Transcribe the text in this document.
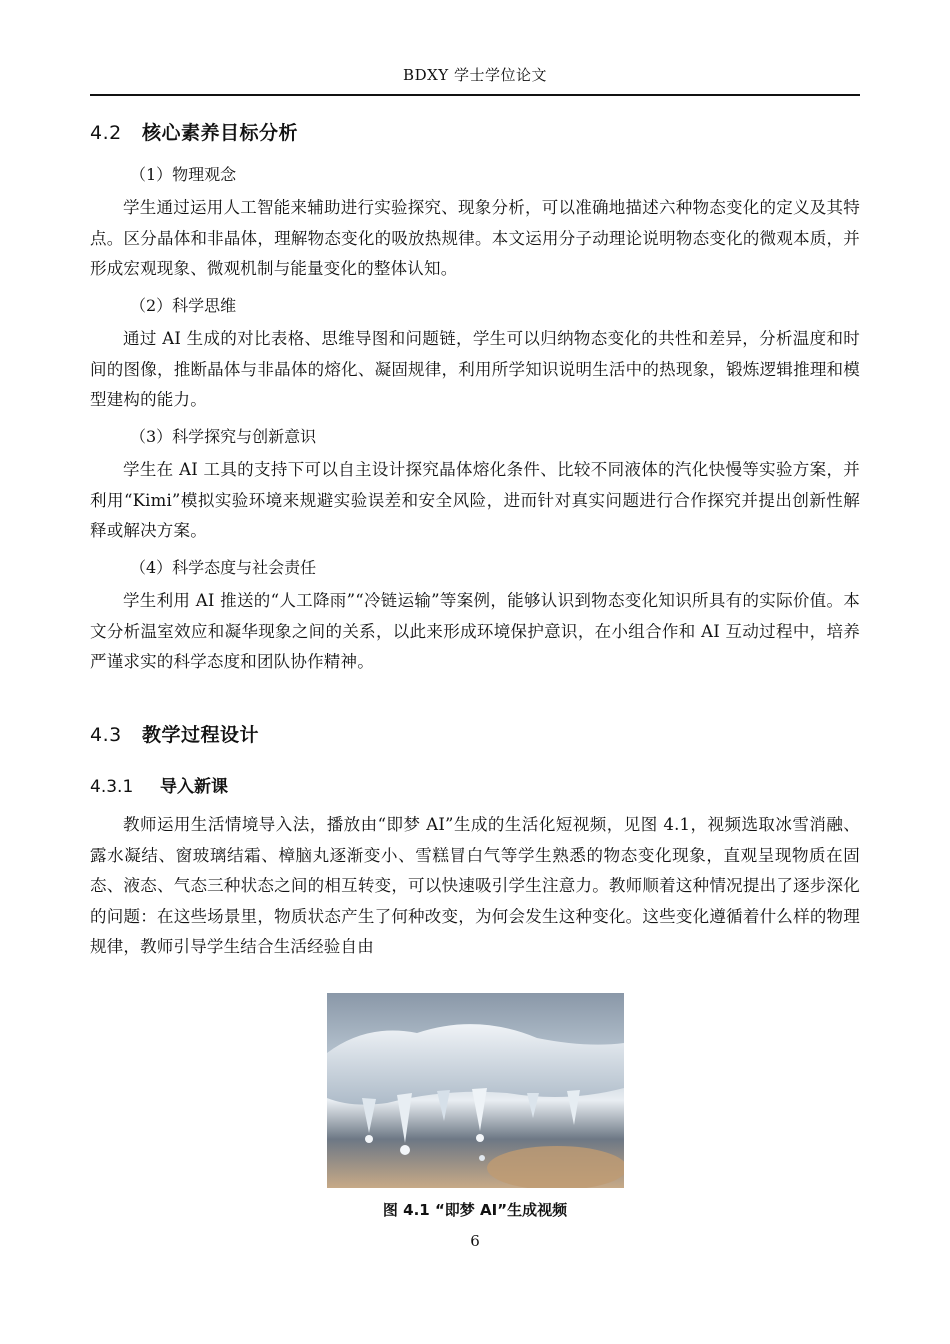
BDXY 学士学位论文
4.2 核心素养目标分析
（1）物理观念
学生通过运用人工智能来辅助进行实验探究、现象分析，可以准确地描述六种物态变化的定义及其特点。区分晶体和非晶体，理解物态变化的吸放热规律。本文运用分子动理论说明物态变化的微观本质，并形成宏观现象、微观机制与能量变化的整体认知。
（2）科学思维
通过 AI 生成的对比表格、思维导图和问题链，学生可以归纳物态变化的共性和差异，分析温度和时间的图像，推断晶体与非晶体的熔化、凝固规律，利用所学知识说明生活中的热现象，锻炼逻辑推理和模型建构的能力。
（3）科学探究与创新意识
学生在 AI 工具的支持下可以自主设计探究晶体熔化条件、比较不同液体的汽化快慢等实验方案，并利用“Kimi”模拟实验环境来规避实验误差和安全风险，进而针对真实问题进行合作探究并提出创新性解释或解决方案。
（4）科学态度与社会责任
学生利用 AI 推送的“人工降雨”“冷链运输”等案例，能够认识到物态变化知识所具有的实际价值。本文分析温室效应和凝华现象之间的关系，以此来形成环境保护意识，在小组合作和 AI 互动过程中，培养严谨求实的科学态度和团队协作精神。
4.3 教学过程设计
4.3.1 导入新课
教师运用生活情境导入法，播放由“即梦 AI”生成的生活化短视频，见图 4.1，视频选取冰雪消融、露水凝结、窗玻璃结霜、樟脑丸逐渐变小、雪糕冒白气等学生熟悉的物态变化现象，直观呈现物质在固态、液态、气态三种状态之间的相互转变，可以快速吸引学生注意力。教师顺着这种情况提出了逐步深化的问题：在这些场景里，物质状态产生了何种改变，为何会发生这种变化。这些变化遵循着什么样的物理规律，教师引导学生结合生活经验自由
图 4.1 “即梦 AI”生成视频
6
